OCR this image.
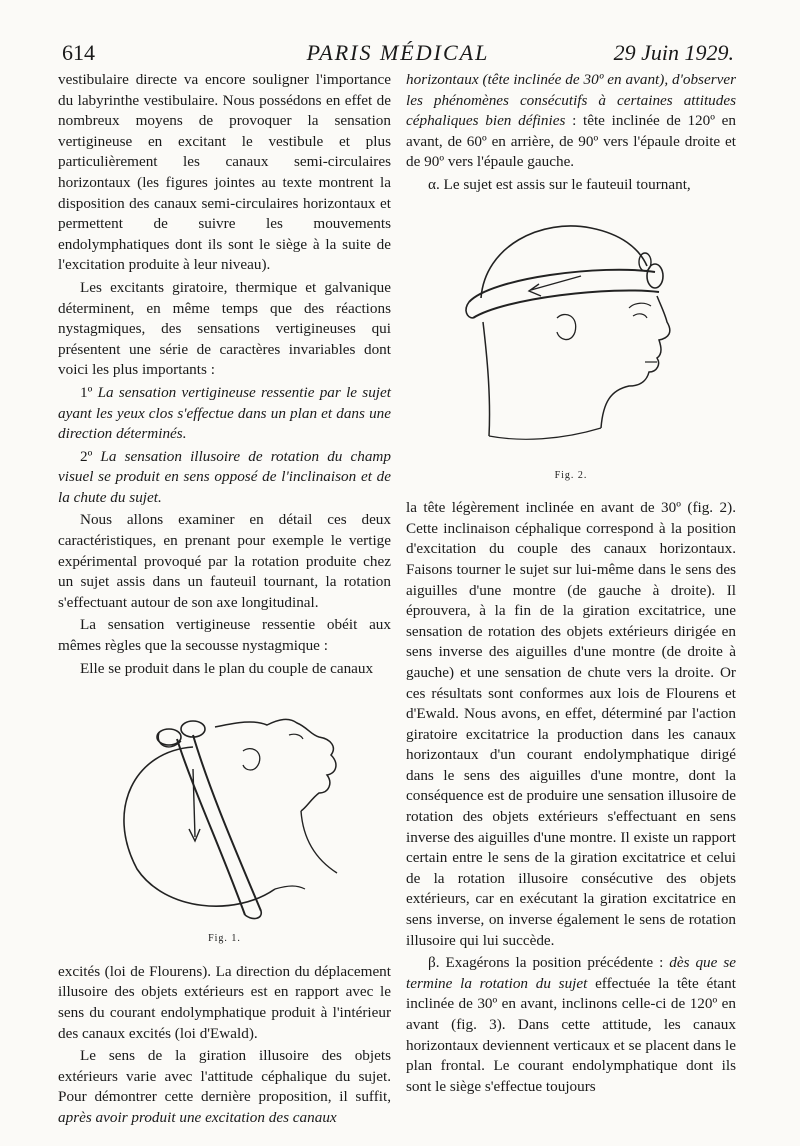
614	PARIS MÉDICAL	29 Juin 1929.

vestibulaire directe va encore souligner l'importance du labyrinthe vestibulaire. Nous possédons en effet de nombreux moyens de provoquer la sensation vertigineuse en excitant le vestibule et plus particulièrement les canaux semi-circulaires horizontaux (les figures jointes au texte montrent la disposition des canaux semi-circulaires horizontaux et permettent de suivre les mouvements endolymphatiques dont ils sont le siège à la suite de l'excitation produite à leur niveau).

Les excitants giratoire, thermique et galvanique déterminent, en même temps que des réactions nystagmiques, des sensations vertigineuses qui présentent une série de caractères invariables dont voici les plus importants :

1º La sensation vertigineuse ressentie par le sujet ayant les yeux clos s'effectue dans un plan et dans une direction déterminés.

2º La sensation illusoire de rotation du champ visuel se produit en sens opposé de l'inclinaison et de la chute du sujet.

Nous allons examiner en détail ces deux caractéristiques, en prenant pour exemple le vertige expérimental provoqué par la rotation produite chez un sujet assis dans un fauteuil tournant, la rotation s'effectuant autour de son axe longitudinal.

La sensation vertigineuse ressentie obéit aux mêmes règles que la secousse nystagmique :

Elle se produit dans le plan du couple de canaux

Fig. 1.

excités (loi de Flourens). La direction du déplacement illusoire des objets extérieurs est en rapport avec le sens du courant endolymphatique produit à l'intérieur des canaux excités (loi d'Ewald).

Le sens de la giration illusoire des objets extérieurs varie avec l'attitude céphalique du sujet. Pour démontrer cette dernière proposition, il suffit, après avoir produit une excitation des canaux

horizontaux (tête inclinée de 30º en avant), d'observer les phénomènes consécutifs à certaines attitudes céphaliques bien définies : tête inclinée de 120º en avant, de 60º en arrière, de 90º vers l'épaule droite et de 90º vers l'épaule gauche.

α. Le sujet est assis sur le fauteuil tournant,

Fig. 2.

la tête légèrement inclinée en avant de 30º (fig. 2). Cette inclinaison céphalique correspond à la position d'excitation du couple des canaux horizontaux. Faisons tourner le sujet sur lui-même dans le sens des aiguilles d'une montre (de gauche à droite). Il éprouvera, à la fin de la giration excitatrice, une sensation de rotation des objets extérieurs dirigée en sens inverse des aiguilles d'une montre (de droite à gauche) et une sensation de chute vers la droite. Or ces résultats sont conformes aux lois de Flourens et d'Ewald. Nous avons, en effet, déterminé par l'action giratoire excitatrice la production dans les canaux horizontaux d'un courant endolymphatique dirigé dans le sens des aiguilles d'une montre, dont la conséquence est de produire une sensation illusoire de rotation des objets extérieurs s'effectuant en sens inverse des aiguilles d'une montre. Il existe un rapport certain entre le sens de la giration excitatrice et celui de la rotation illusoire consécutive des objets extérieurs, car en exécutant la giration excitatrice en sens inverse, on inverse également le sens de rotation illusoire qui lui succède.

β. Exagérons la position précédente : dès que se termine la rotation du sujet effectuée la tête étant inclinée de 30º en avant, inclinons celle-ci de 120º en avant (fig. 3). Dans cette attitude, les canaux horizontaux deviennent verticaux et se placent dans le plan frontal. Le courant endolymphatique dont ils sont le siège s'effectue toujours
